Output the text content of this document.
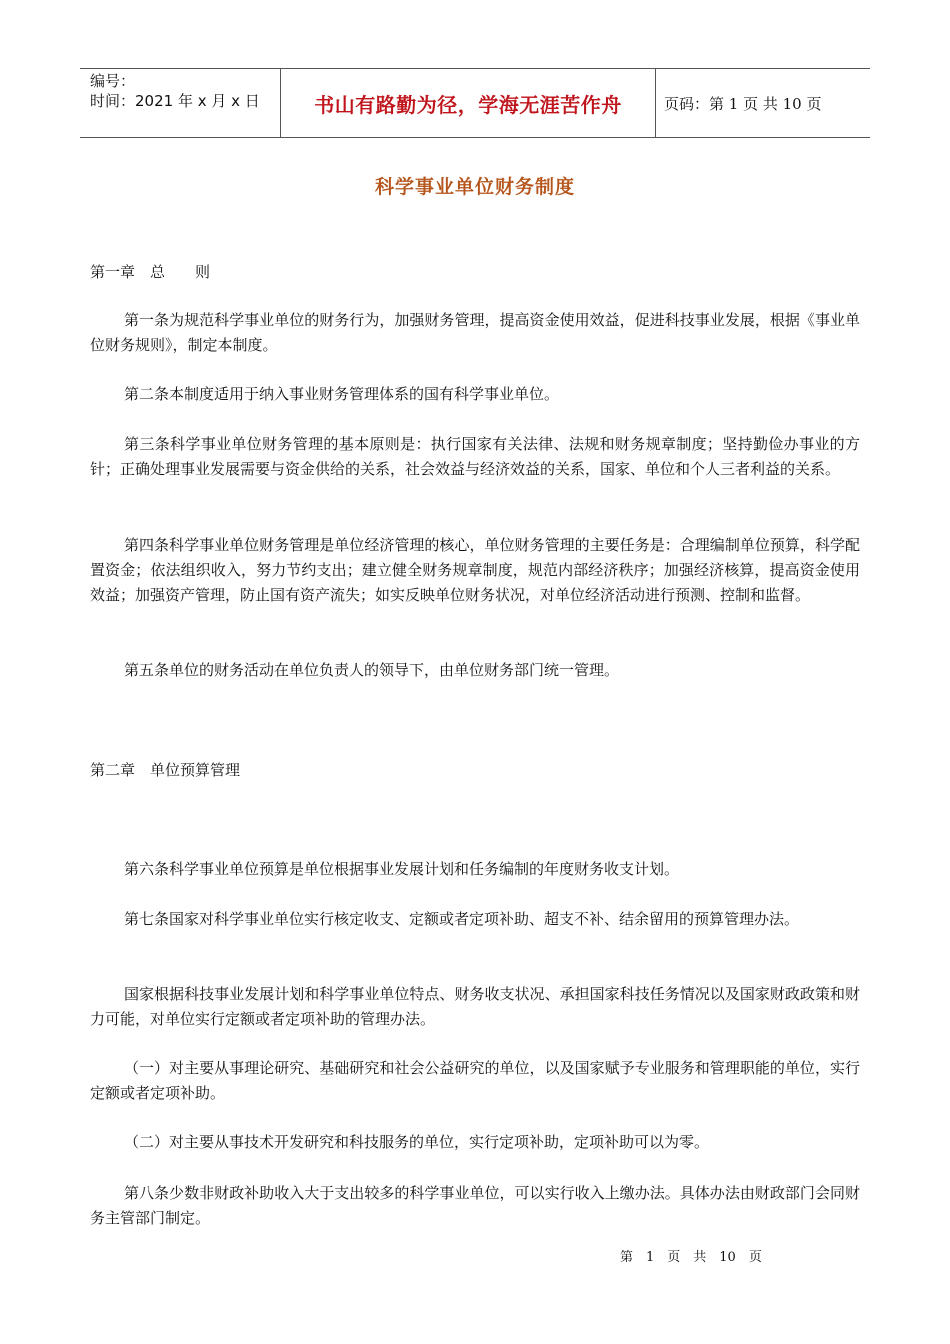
编号：
时间：2021 年 x 月 x 日	书山有路勤为径，学海无涯苦作舟	页码：第 1 页 共 10 页
科学事业单位财务制度
第一章　总　　则
第一条为规范科学事业单位的财务行为，加强财务管理，提高资金使用效益，促进科技事业发展，根据《事业单位财务规则》，制定本制度。
第二条本制度适用于纳入事业财务管理体系的国有科学事业单位。
第三条科学事业单位财务管理的基本原则是：执行国家有关法律、法规和财务规章制度；坚持勤俭办事业的方针；正确处理事业发展需要与资金供给的关系，社会效益与经济效益的关系，国家、单位和个人三者利益的关系。
第四条科学事业单位财务管理是单位经济管理的核心，单位财务管理的主要任务是：合理编制单位预算，科学配置资金；依法组织收入，努力节约支出；建立健全财务规章制度，规范内部经济秩序；加强经济核算，提高资金使用效益；加强资产管理，防止国有资产流失；如实反映单位财务状况，对单位经济活动进行预测、控制和监督。
第五条单位的财务活动在单位负责人的领导下，由单位财务部门统一管理。
第二章　单位预算管理
第六条科学事业单位预算是单位根据事业发展计划和任务编制的年度财务收支计划。
第七条国家对科学事业单位实行核定收支、定额或者定项补助、超支不补、结余留用的预算管理办法。
国家根据科技事业发展计划和科学事业单位特点、财务收支状况、承担国家科技任务情况以及国家财政政策和财力可能，对单位实行定额或者定项补助的管理办法。
（一）对主要从事理论研究、基础研究和社会公益研究的单位，以及国家赋予专业服务和管理职能的单位，实行定额或者定项补助。
（二）对主要从事技术开发研究和科技服务的单位，实行定项补助，定项补助可以为零。
第八条少数非财政补助收入大于支出较多的科学事业单位，可以实行收入上缴办法。具体办法由财政部门会同财务主管部门制定。
第　1　页　共　10　页
